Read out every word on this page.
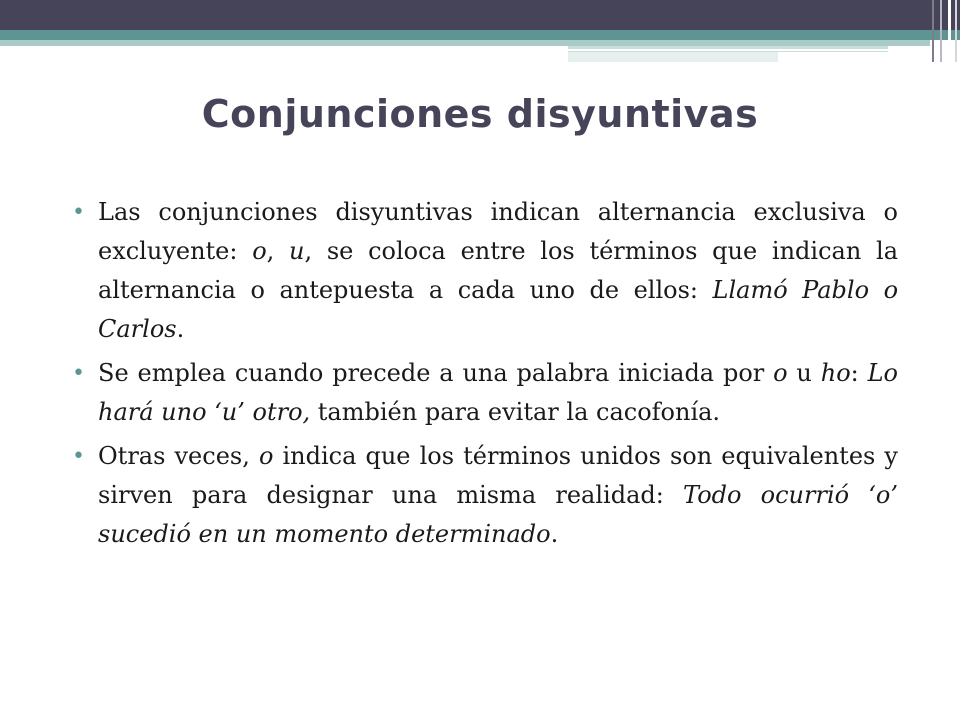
Conjunciones disyuntivas
• Las conjunciones disyuntivas indican alternancia exclusiva o excluyente: o, u, se coloca entre los términos que indican la alternancia o antepuesta a cada uno de ellos: Llamó Pablo o Carlos.
• Se emplea cuando precede a una palabra iniciada por o u ho: Lo hará uno ‘u’ otro, también para evitar la cacofonía.
• Otras veces, o indica que los términos unidos son equivalentes y sirven para designar una misma realidad: Todo ocurrió ‘o’ sucedió en un momento determinado.
